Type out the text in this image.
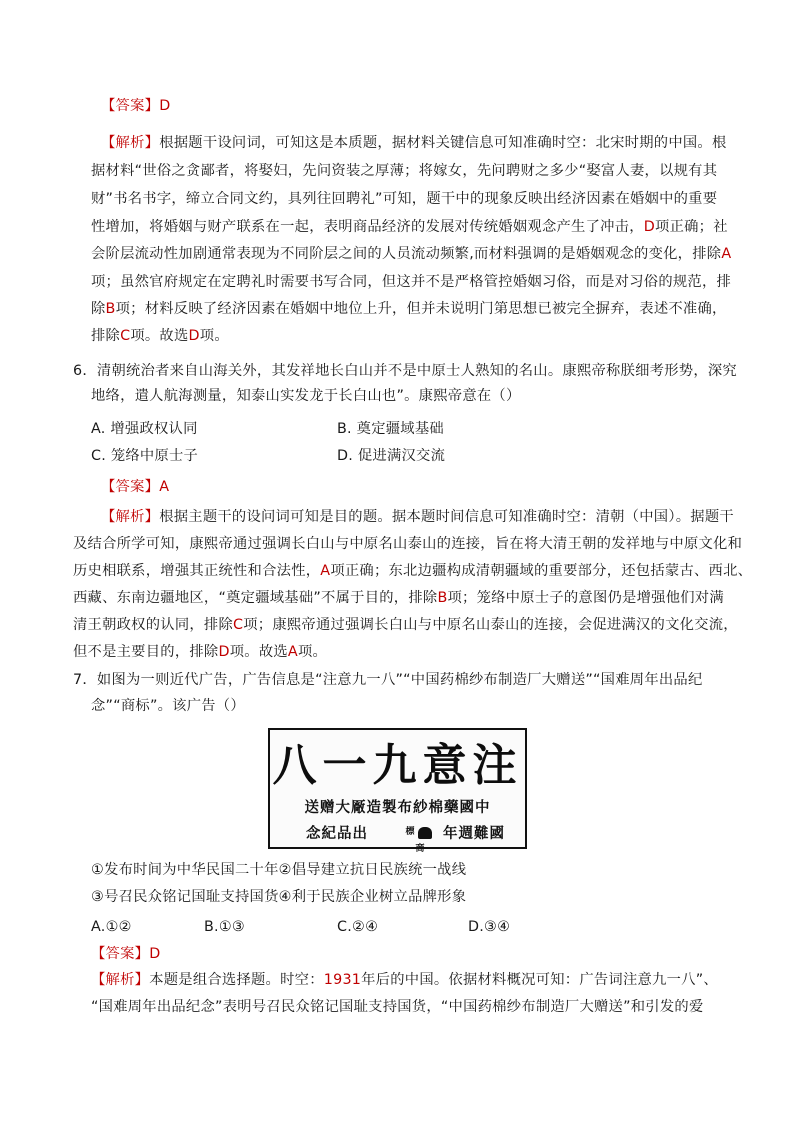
【答案】D
【解析】根据题干设问词，可知这是本质题，据材料关键信息可知准确时空：北宋时期的中国。根
据材料“世俗之贪鄙者，将娶妇，先问资装之厚薄；将嫁女，先问聘财之多少“娶富人妻，以规有其
财”书名书字，缔立合同文约，具列往回聘礼”可知，题干中的现象反映出经济因素在婚姻中的重要
性增加，将婚姻与财产联系在一起，表明商品经济的发展对传统婚姻观念产生了冲击，D项正确；社
会阶层流动性加剧通常表现为不同阶层之间的人员流动频繁,而材料强调的是婚姻观念的变化，排除A
项；虽然官府规定在定聘礼时需要书写合同，但这并不是严格管控婚姻习俗，而是对习俗的规范，排
除B项；材料反映了经济因素在婚姻中地位上升，但并未说明门第思想已被完全摒弃，表述不准确，
排除C项。故选D项。
6．清朝统治者来自山海关外，其发祥地长白山并不是中原士人熟知的名山。康熙帝称朕细考形势，深究
地络，遣人航海测量，知泰山实发龙于长白山也”。康熙帝意在（）
A. 增强政权认同	B. 奠定疆域基础
C. 笼络中原士子	D. 促进满汉交流
【答案】A
【解析】根据主题干的设问词可知是目的题。据本题时间信息可知准确时空：清朝（中国）。据题干
及结合所学可知，康熙帝通过强调长白山与中原名山泰山的连接，旨在将大清王朝的发祥地与中原文化和
历史相联系，增强其正统性和合法性，A项正确；东北边疆构成清朝疆域的重要部分，还包括蒙古、西北、
西藏、东南边疆地区，“奠定疆域基础”不属于目的，排除B项；笼络中原士子的意图仍是增强他们对满
清王朝政权的认同，排除C项；康熙帝通过强调长白山与中原名山泰山的连接，会促进满汉的文化交流，
但不是主要目的，排除D项。故选A项。
7．如图为一则近代广告，广告信息是“注意九一八”“中国药棉纱布制造厂大赠送”“国难周年出品纪
念”“商标”。该广告（）
八一九意注
送赠大厰造製布紗棉藥國中
念紀品出	標商
年週難國
①发布时间为中华民国二十年②倡导建立抗日民族统一战线
③号召民众铭记国耻支持国货④利于民族企业树立品牌形象
A.①②	B.①③	C.②④	D.③④
【答案】D
【解析】本题是组合选择题。时空：1931年后的中国。依据材料概况可知：广告词注意九一八”、
“国难周年出品纪念”表明号召民众铭记国耻支持国货，“中国药棉纱布制造厂大赠送”和引发的爱
